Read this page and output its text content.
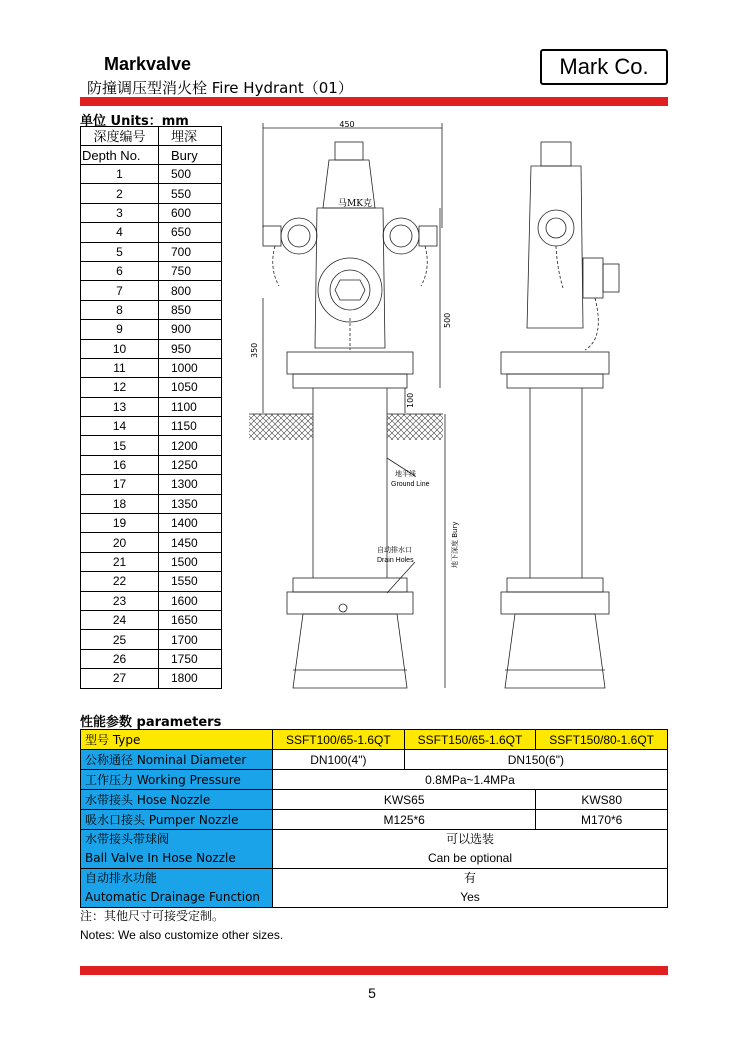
Markvalve
防撞调压型消火栓 Fire Hydrant（01）
Mark Co.
单位 Units：mm
深度编号	埋深
Depth No.	Bury
1	500
2	550
3	600
4	650
5	700
6	750
7	800
8	850
9	900
10	950
11	1000
12	1050
13	1100
14	1150
15	1200
16	1250
17	1300
18	1350
19	1400
20	1450
21	1500
22	1550
23	1600
24	1650
25	1700
26	1750
27	1800
450
马MK克
350
500
100
地平线
Ground Line
自动排水口
Drain Holes	地下深度 Bury
性能参数 parameters
型号 Type	SSFT100/65-1.6QT	SSFT150/65-1.6QT	SSFT150/80-1.6QT
公称通径 Nominal Diameter	DN100(4")	DN150(6")	
工作压力 Working Pressure	0.8MPa~1.4MPa		
水带接头 Hose Nozzle	KWS65		KWS80
吸水口接头 Pumper Nozzle	M125*6		M170*6
水带接头带球阀
Ball Valve In Hose Nozzle	可以选装
Can be optional		
自动排水功能
Automatic Drainage Function	有
Yes		
注：其他尺寸可接受定制。
Notes: We also customize other sizes.
5
